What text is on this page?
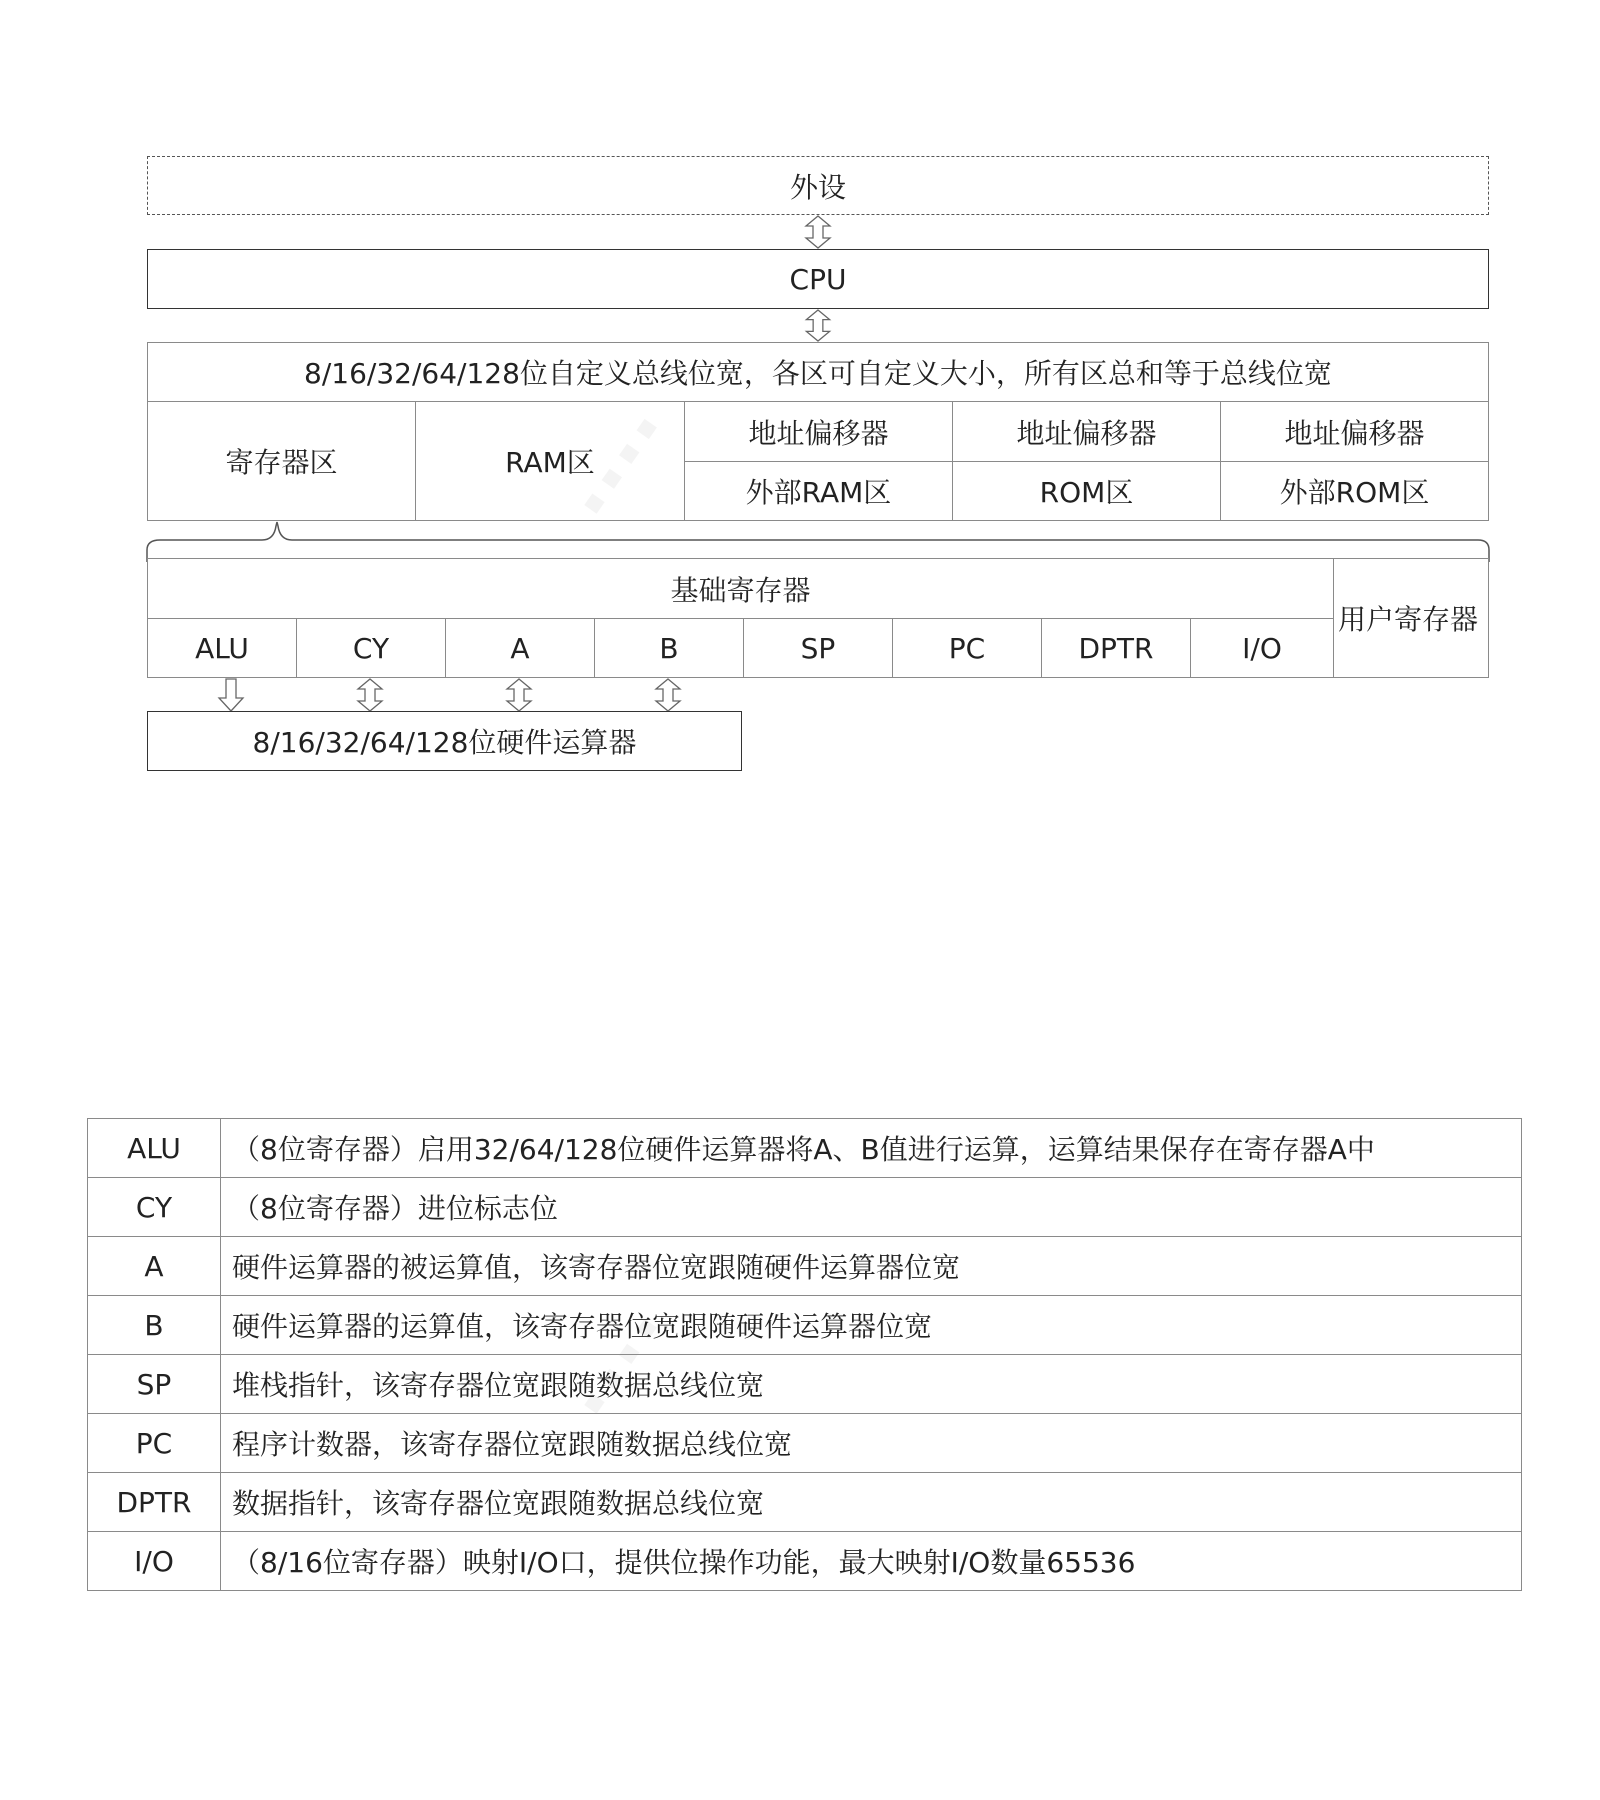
外设
CPU
8/16/32/64/128位自定义总线位宽，各区可自定义大小，所有区总和等于总线位宽
寄存器区	RAM区
地址偏移器	地址偏移器	地址偏移器
外部RAM区	ROM区	外部ROM区
基础寄存器
用户寄存器
ALU	CY	A	B	SP	PC	DPTR	I/O
8/16/32/64/128位硬件运算器
ALU	（8位寄存器）启用32/64/128位硬件运算器将A、B值进行运算，运算结果保存在寄存器A中
CY	（8位寄存器）进位标志位
A	硬件运算器的被运算值，该寄存器位宽跟随硬件运算器位宽
B	硬件运算器的运算值，该寄存器位宽跟随硬件运算器位宽
SP	堆栈指针，该寄存器位宽跟随数据总线位宽
PC	程序计数器，该寄存器位宽跟随数据总线位宽
DPTR	数据指针，该寄存器位宽跟随数据总线位宽
I/O	（8/16位寄存器）映射I/O口，提供位操作功能，最大映射I/O数量65536
